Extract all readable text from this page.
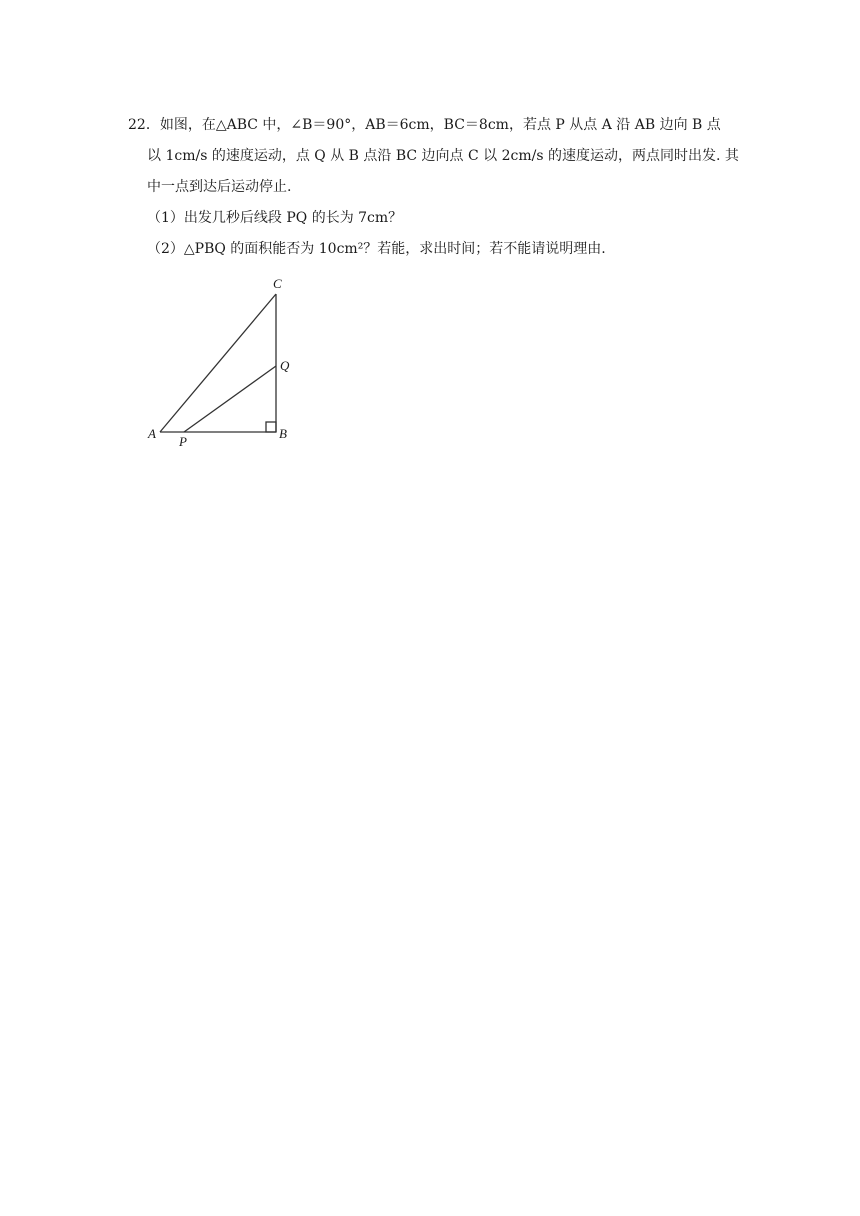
22．如图，在△ABC 中，∠B＝90°，AB＝6cm，BC＝8cm，若点 P 从点 A 沿 AB 边向 B 点
以 1cm/s 的速度运动，点 Q 从 B 点沿 BC 边向点 C 以 2cm/s 的速度运动，两点同时出发. 其
中一点到达后运动停止.
（1）出发几秒后线段 PQ 的长为 7cm？
（2）△PBQ 的面积能否为 10cm²？若能，求出时间；若不能请说明理由.
A
P
B
C
Q
